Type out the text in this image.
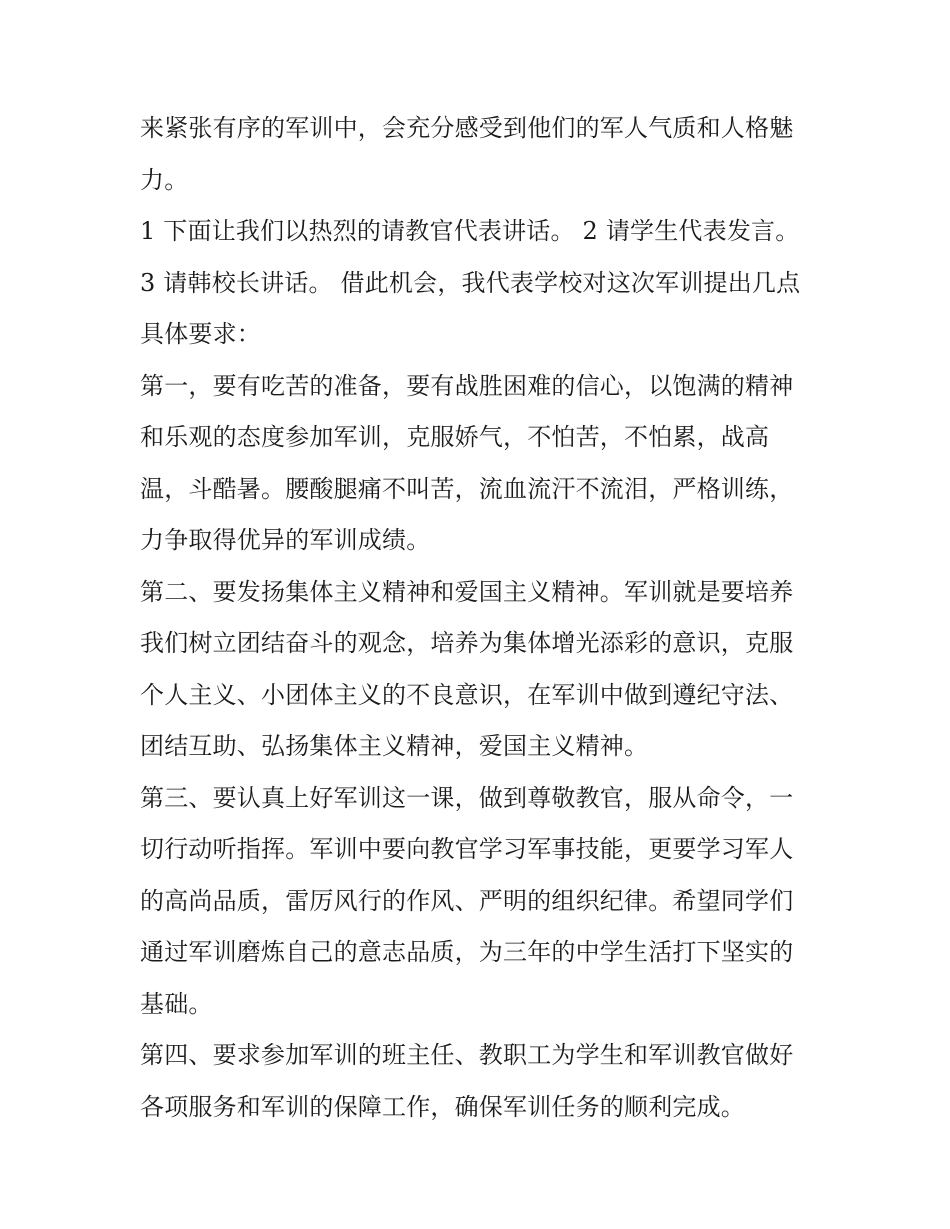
来紧张有序的军训中，会充分感受到他们的军人气质和人格魅
力。
1 下面让我们以热烈的请教官代表讲话。 2 请学生代表发言。
3 请韩校长讲话。 借此机会，我代表学校对这次军训提出几点
具体要求：
第一，要有吃苦的准备，要有战胜困难的信心，以饱满的精神
和乐观的态度参加军训，克服娇气，不怕苦，不怕累，战高
温，斗酷暑。腰酸腿痛不叫苦，流血流汗不流泪，严格训练，
力争取得优异的军训成绩。
第二、要发扬集体主义精神和爱国主义精神。军训就是要培养
我们树立团结奋斗的观念，培养为集体增光添彩的意识，克服
个人主义、小团体主义的不良意识，在军训中做到遵纪守法、
团结互助、弘扬集体主义精神，爱国主义精神。
第三、要认真上好军训这一课，做到尊敬教官，服从命令，一
切行动听指挥。军训中要向教官学习军事技能，更要学习军人
的高尚品质，雷厉风行的作风、严明的组织纪律。希望同学们
通过军训磨炼自己的意志品质，为三年的中学生活打下坚实的
基础。
第四、要求参加军训的班主任、教职工为学生和军训教官做好
各项服务和军训的保障工作，确保军训任务的顺利完成。
